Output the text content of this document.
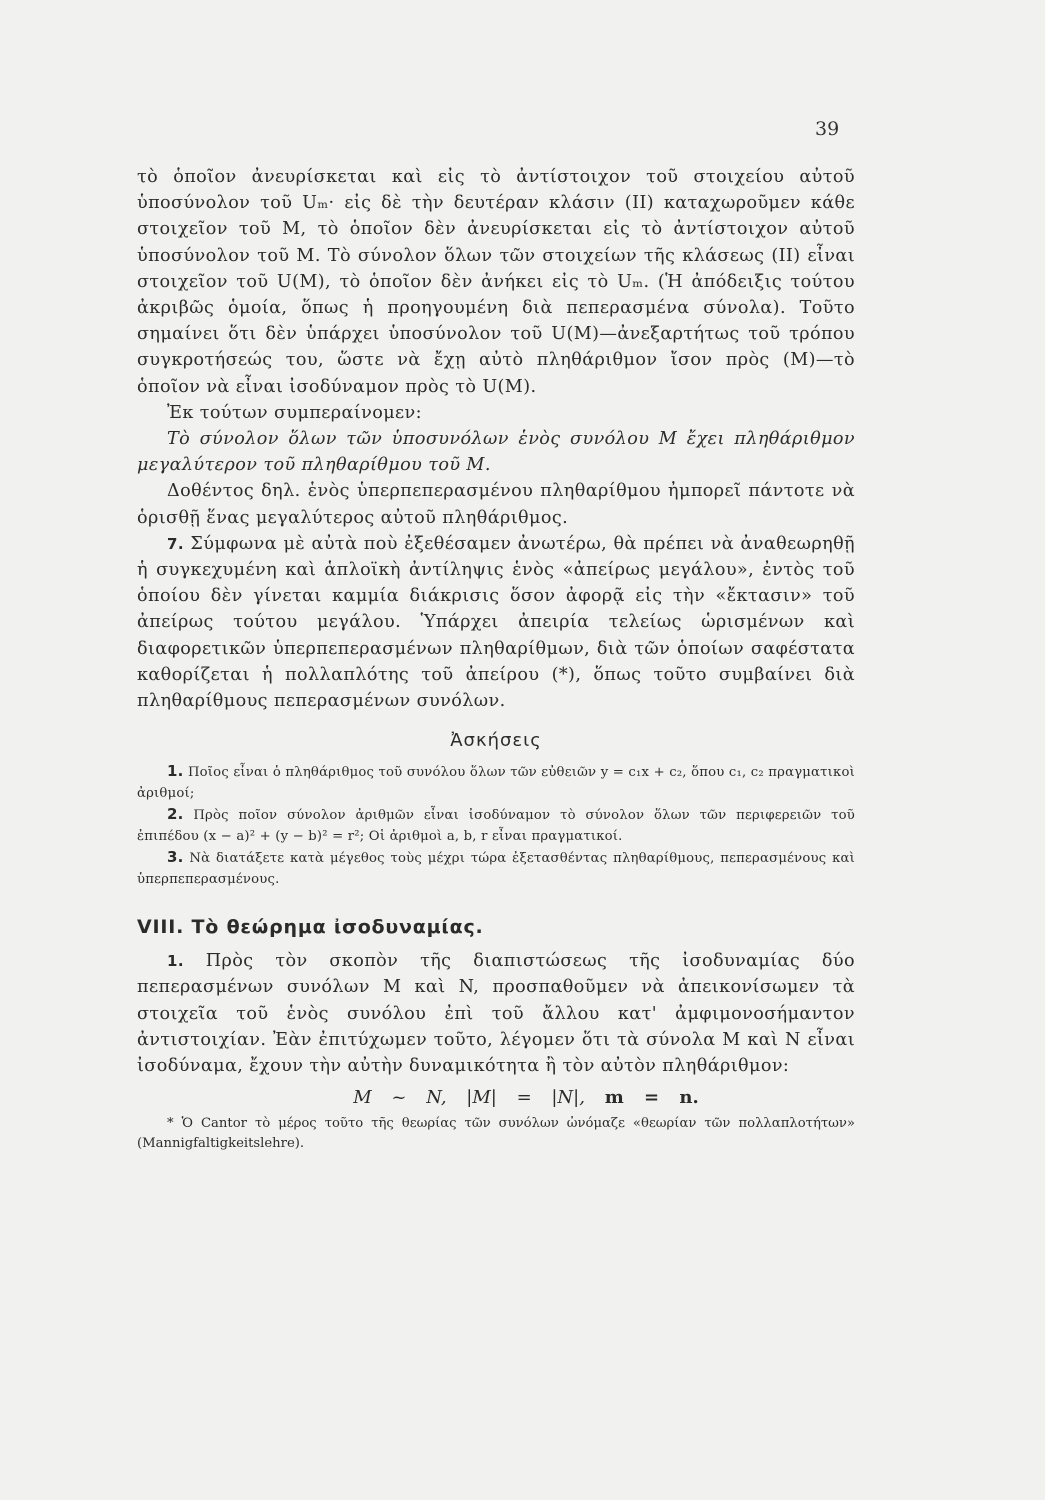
39

τὸ ὁποῖον ἀνευρίσκεται καὶ εἰς τὸ ἀντίστοιχον τοῦ στοιχείου αὐτοῦ ὑποσύνολον τοῦ Uₘ· εἰς δὲ τὴν δευτέραν κλάσιν (II) καταχωροῦμεν κάθε στοιχεῖον τοῦ M, τὸ ὁποῖον δὲν ἀνευρίσκεται εἰς τὸ ἀντίστοιχον αὐτοῦ ὑποσύνολον τοῦ M. Τὸ σύνολον ὅλων τῶν στοιχείων τῆς κλάσεως (II) εἶναι στοιχεῖον τοῦ U(M), τὸ ὁποῖον δὲν ἀνήκει εἰς τὸ Uₘ. (Ἡ ἀπόδειξις τούτου ἀκριβῶς ὁμοία, ὅπως ἡ προηγουμένη διὰ πεπερασμένα σύνολα). Τοῦτο σημαίνει ὅτι δὲν ὑπάρχει ὑποσύνολον τοῦ U(M)—ἀνεξαρτήτως τοῦ τρόπου συγκροτήσεώς του, ὥστε νὰ ἔχῃ αὐτὸ πληθάριθμον ἴσον πρὸς (M)—τὸ ὁποῖον νὰ εἶναι ἰσοδύναμον πρὸς τὸ U(M).

Ἐκ τούτων συμπεραίνομεν:

Τὸ σύνολον ὅλων τῶν ὑποσυνόλων ἑνὸς συνόλου M ἔχει πληθάριθμον μεγαλύτερον τοῦ πληθαρίθμου τοῦ M.

Δοθέντος δηλ. ἑνὸς ὑπερπεπερασμένου πληθαρίθμου ἠμπορεῖ πάντοτε νὰ ὁρισθῇ ἕνας μεγαλύτερος αὐτοῦ πληθάριθμος.

7. Σύμφωνα μὲ αὐτὰ ποὺ ἐξεθέσαμεν ἀνωτέρω, θὰ πρέπει νὰ ἀναθεωρηθῇ ἡ συγκεχυμένη καὶ ἁπλοϊκὴ ἀντίληψις ἑνὸς «ἀπείρως μεγάλου», ἐντὸς τοῦ ὁποίου δὲν γίνεται καμμία διάκρισις ὅσον ἀφορᾷ εἰς τὴν «ἔκτασιν» τοῦ ἀπείρως τούτου μεγάλου. Ὑπάρχει ἀπειρία τελείως ὡρισμένων καὶ διαφορετικῶν ὑπερπεπερασμένων πληθαρίθμων, διὰ τῶν ὁποίων σαφέστατα καθορίζεται ἡ πολλαπλότης τοῦ ἀπείρου (*), ὅπως τοῦτο συμβαίνει διὰ πληθαρίθμους πεπερασμένων συνόλων.

Ἀσκήσεις

1. Ποῖος εἶναι ὁ πληθάριθμος τοῦ συνόλου ὅλων τῶν εὐθειῶν y = c₁x + c₂, ὅπου c₁, c₂ πραγματικοὶ ἀριθμοί;

2. Πρὸς ποῖον σύνολον ἀριθμῶν εἶναι ἰσοδύναμον τὸ σύνολον ὅλων τῶν περιφερειῶν τοῦ ἐπιπέδου (x − a)² + (y − b)² = r²; Οἱ ἀριθμοὶ a, b, r εἶναι πραγματικοί.

3. Νὰ διατάξετε κατὰ μέγεθος τοὺς μέχρι τώρα ἐξετασθέντας πληθαρίθμους, πεπερασμένους καὶ ὑπερπεπερασμένους.

VIII. Τὸ θεώρημα ἰσοδυναμίας.

1. Πρὸς τὸν σκοπὸν τῆς διαπιστώσεως τῆς ἰσοδυναμίας δύο πεπερασμένων συνόλων M καὶ N, προσπαθοῦμεν νὰ ἀπεικονίσωμεν τὰ στοιχεῖα τοῦ ἑνὸς συνόλου ἐπὶ τοῦ ἄλλου κατ' ἀμφιμονοσήμαντον ἀντιστοιχίαν. Ἐὰν ἐπιτύχωμεν τοῦτο, λέγομεν ὅτι τὰ σύνολα M καὶ N εἶναι ἰσοδύναμα, ἔχουν τὴν αὐτὴν δυναμικότητα ἢ τὸν αὐτὸν πληθάριθμον:

M ~ N, |M| = |N|, m = n.

* Ὁ Cantor τὸ μέρος τοῦτο τῆς θεωρίας τῶν συνόλων ὠνόμαζε «θεωρίαν τῶν πολλαπλοτήτων» (Mannigfaltigkeitslehre).
